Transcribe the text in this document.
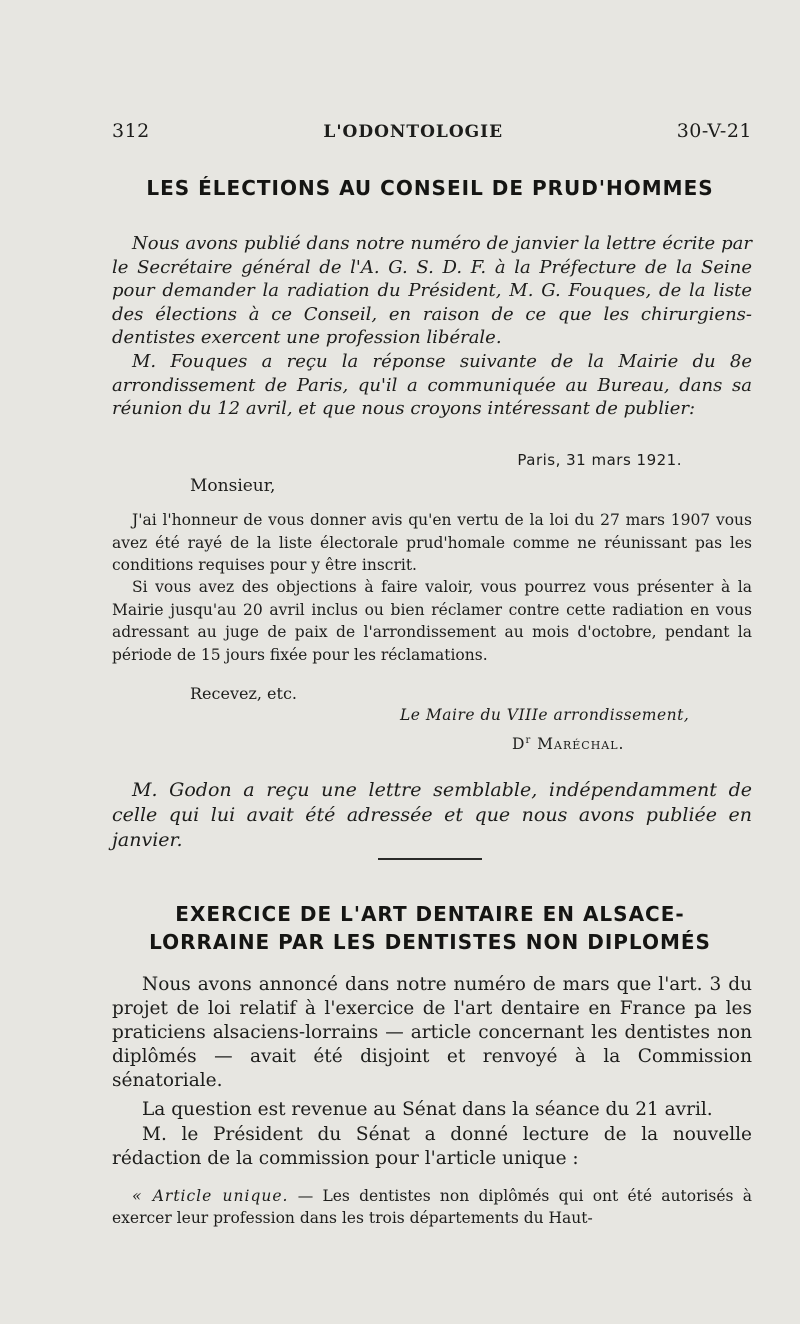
312	L'ODONTOLOGIE	30-V-21
LES ÉLECTIONS AU CONSEIL DE PRUD'HOMMES
Nous avons publié dans notre numéro de janvier la lettre écrite par le Secrétaire général de l'A. G. S. D. F. à la Préfecture de la Seine pour demander la radiation du Président, M. G. Fouques, de la liste des élections à ce Conseil, en raison de ce que les chirurgiens-dentistes exercent une profession libérale.
M. Fouques a reçu la réponse suivante de la Mairie du 8e arrondissement de Paris, qu'il a communiquée au Bureau, dans sa réunion du 12 avril, et que nous croyons intéressant de publier:
Paris, 31 mars 1921.
Monsieur,
J'ai l'honneur de vous donner avis qu'en vertu de la loi du 27 mars 1907 vous avez été rayé de la liste électorale prud'homale comme ne réunissant pas les conditions requises pour y être inscrit.
Si vous avez des objections à faire valoir, vous pourrez vous présenter à la Mairie jusqu'au 20 avril inclus ou bien réclamer contre cette radiation en vous adressant au juge de paix de l'arrondissement au mois d'octobre, pendant la période de 15 jours fixée pour les réclamations.
Recevez, etc.
Le Maire du VIIIe arrondissement,
$D^r$ Maréchal.
M. Godon a reçu une lettre semblable, indépendamment de celle qui lui avait été adressée et que nous avons publiée en janvier.
EXERCICE DE L'ART DENTAIRE EN ALSACE-
LORRAINE PAR LES DENTISTES NON DIPLOMÉS
Nous avons annoncé dans notre numéro de mars que l'art. 3 du projet de loi relatif à l'exercice de l'art dentaire en France pa les praticiens alsaciens-lorrains — article concernant les dentistes non diplômés — avait été disjoint et renvoyé à la Commission sénatoriale.
La question est revenue au Sénat dans la séance du 21 avril.
M. le Président du Sénat a donné lecture de la nouvelle rédaction de la commission pour l'article unique :
« Article unique. — Les dentistes non diplômés qui ont été autorisés à exercer leur profession dans les trois départements du Haut-
